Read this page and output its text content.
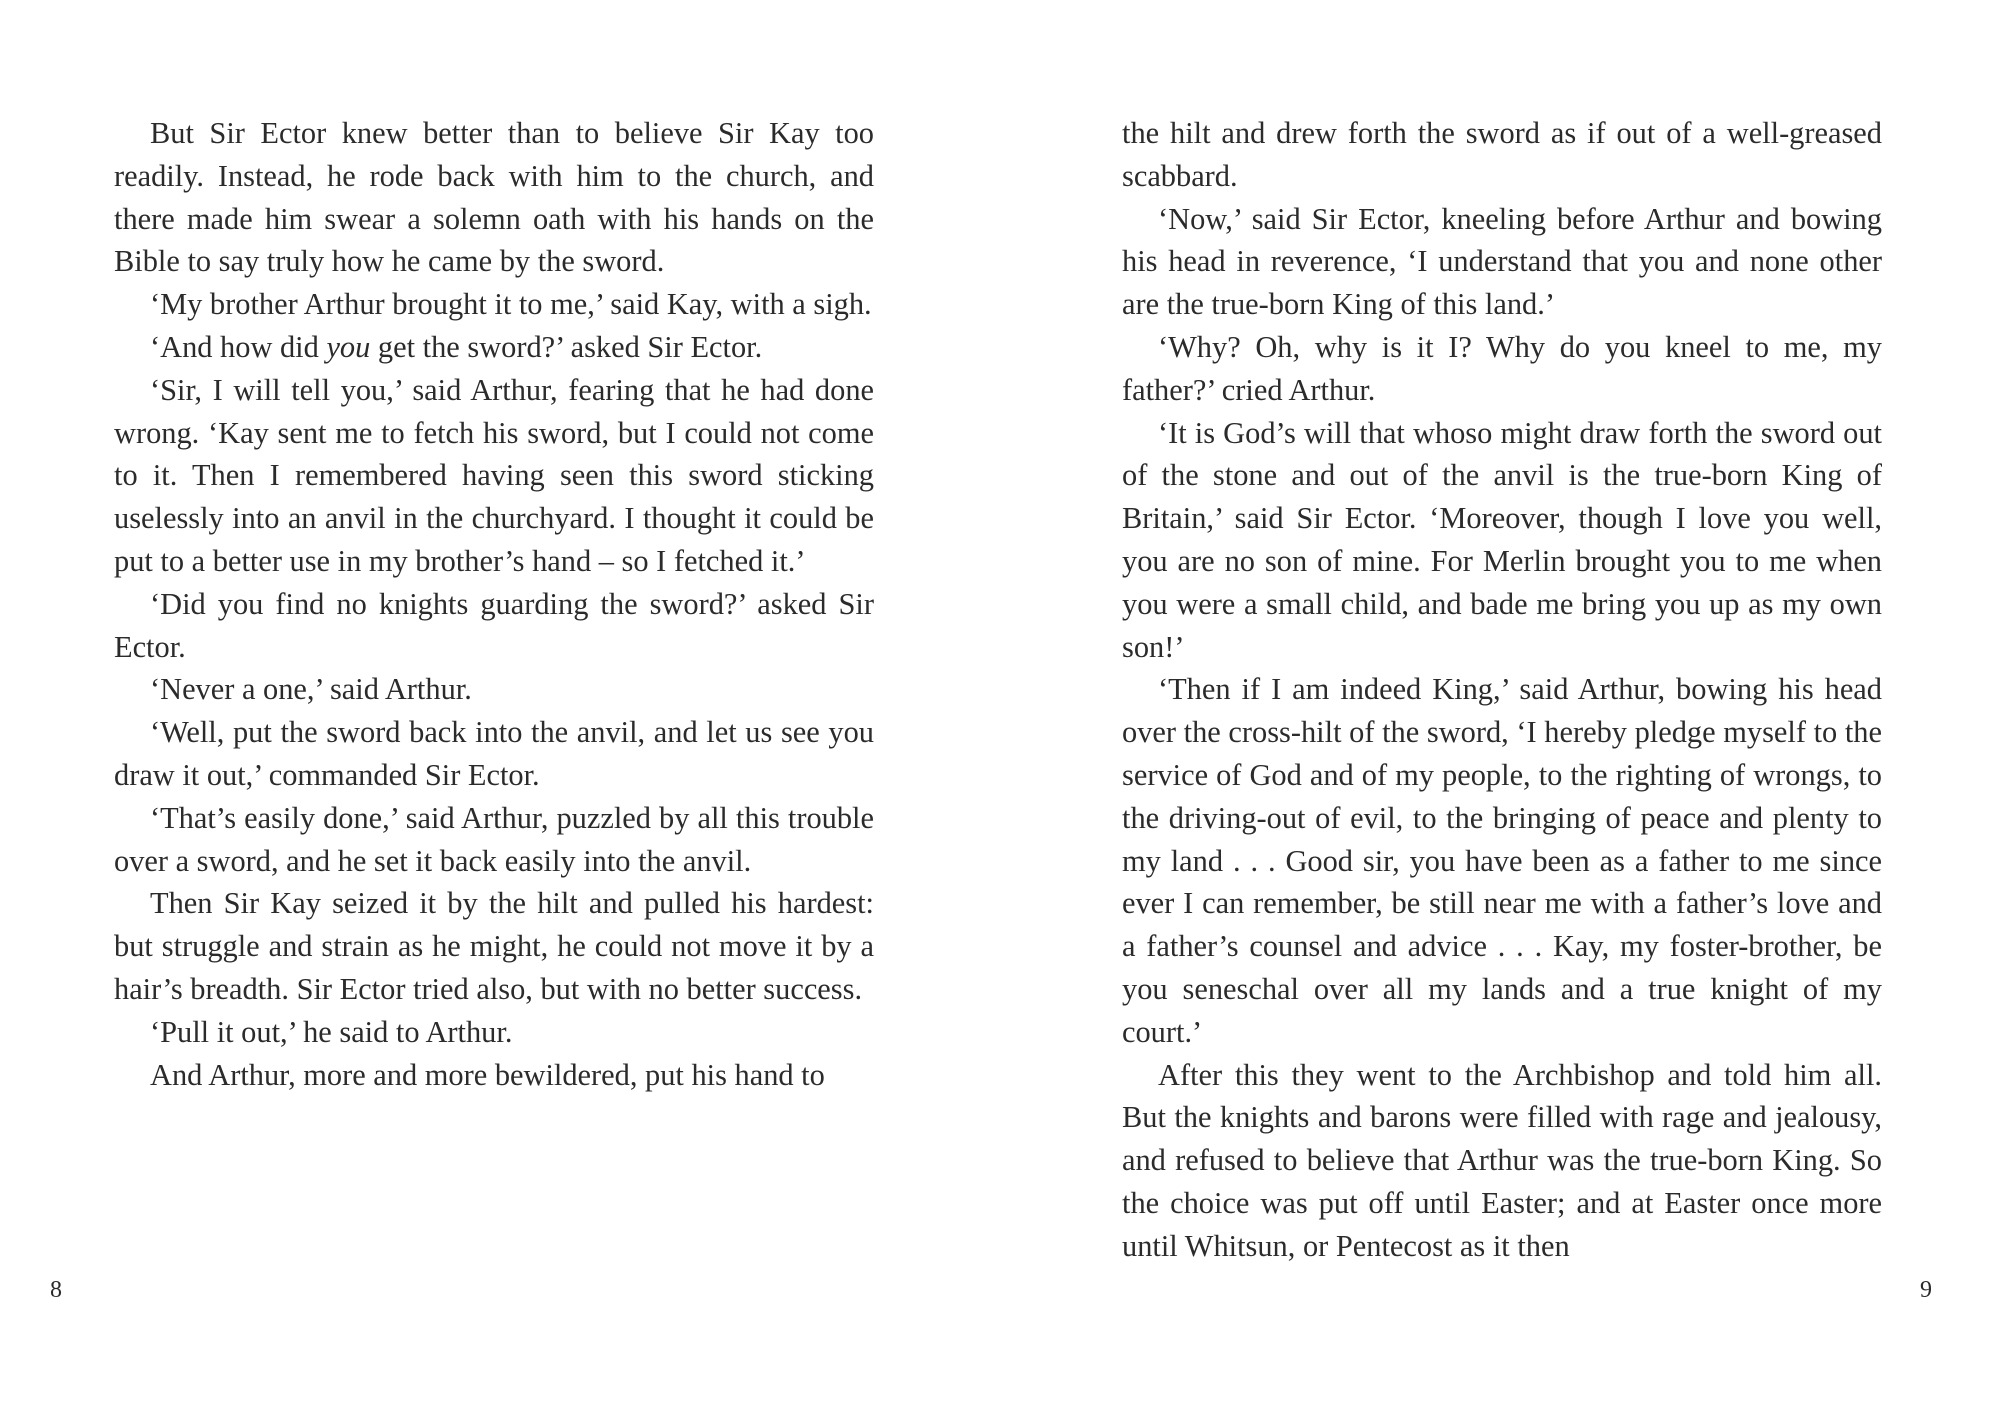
But Sir Ector knew better than to believe Sir Kay too readily. Instead, he rode back with him to the church, and there made him swear a solemn oath with his hands on the Bible to say truly how he came by the sword.

‘My brother Arthur brought it to me,’ said Kay, with a sigh.

‘And how did you get the sword?’ asked Sir Ector.

‘Sir, I will tell you,’ said Arthur, fearing that he had done wrong. ‘Kay sent me to fetch his sword, but I could not come to it. Then I remembered having seen this sword sticking uselessly into an anvil in the churchyard. I thought it could be put to a better use in my brother’s hand – so I fetched it.’

‘Did you find no knights guarding the sword?’ asked Sir Ector.

‘Never a one,’ said Arthur.

‘Well, put the sword back into the anvil, and let us see you draw it out,’ commanded Sir Ector.

‘That’s easily done,’ said Arthur, puzzled by all this trouble over a sword, and he set it back easily into the anvil.

Then Sir Kay seized it by the hilt and pulled his hardest: but struggle and strain as he might, he could not move it by a hair’s breadth. Sir Ector tried also, but with no better success.

‘Pull it out,’ he said to Arthur.

And Arthur, more and more bewildered, put his hand to

the hilt and drew forth the sword as if out of a well-greased scabbard.

‘Now,’ said Sir Ector, kneeling before Arthur and bowing his head in reverence, ‘I understand that you and none other are the true-born King of this land.’

‘Why? Oh, why is it I? Why do you kneel to me, my father?’ cried Arthur.

‘It is God’s will that whoso might draw forth the sword out of the stone and out of the anvil is the true-born King of Britain,’ said Sir Ector. ‘Moreover, though I love you well, you are no son of mine. For Merlin brought you to me when you were a small child, and bade me bring you up as my own son!’

‘Then if I am indeed King,’ said Arthur, bowing his head over the cross-hilt of the sword, ‘I hereby pledge myself to the service of God and of my people, to the righting of wrongs, to the driving-out of evil, to the bringing of peace and plenty to my land . . . Good sir, you have been as a father to me since ever I can remember, be still near me with a father’s love and a father’s counsel and advice . . . Kay, my foster-brother, be you seneschal over all my lands and a true knight of my court.’

After this they went to the Archbishop and told him all. But the knights and barons were filled with rage and jealousy, and refused to believe that Arthur was the true-born King. So the choice was put off until Easter; and at Easter once more until Whitsun, or Pentecost as it then

8	9
